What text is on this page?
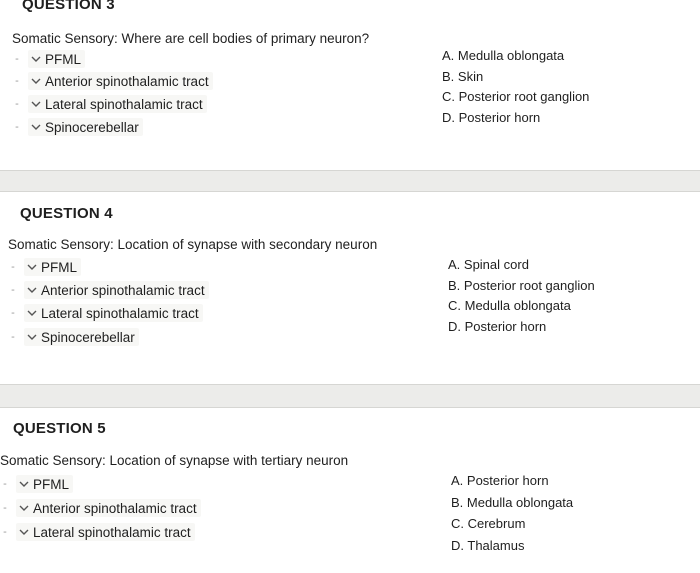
QUESTION 3
Somatic Sensory: Where are cell bodies of primary neuron?
- PFML
- Anterior spinothalamic tract
- Lateral spinothalamic tract
- Spinocerebellar
A. Medulla oblongata
B. Skin
C. Posterior root ganglion
D. Posterior horn
QUESTION 4
Somatic Sensory: Location of synapse with secondary neuron
- PFML
- Anterior spinothalamic tract
- Lateral spinothalamic tract
- Spinocerebellar
A. Spinal cord
B. Posterior root ganglion
C. Medulla oblongata
D. Posterior horn
QUESTION 5
Somatic Sensory: Location of synapse with tertiary neuron
- PFML
- Anterior spinothalamic tract
- Lateral spinothalamic tract
A. Posterior horn
B. Medulla oblongata
C. Cerebrum
D. Thalamus
